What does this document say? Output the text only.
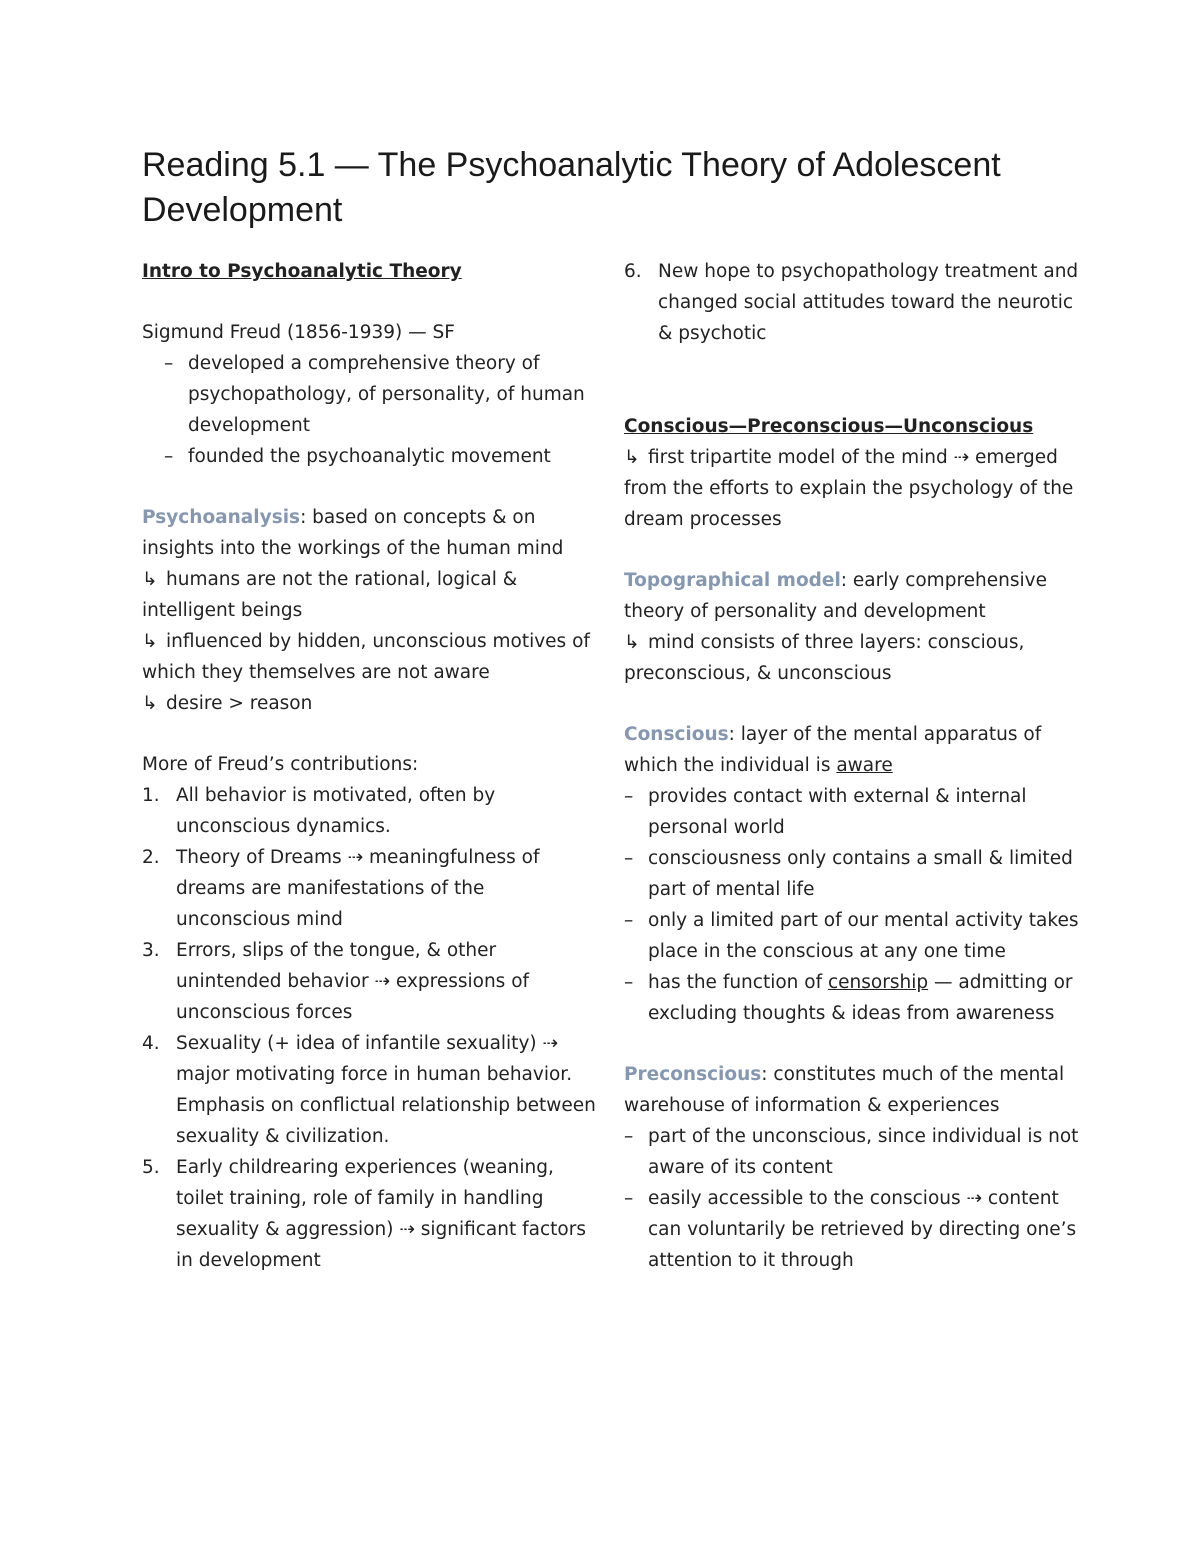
Reading 5.1 — The Psychoanalytic Theory of Adolescent Development

Intro to Psychoanalytic Theory

Sigmund Freud (1856-1939) — SF

– developed a comprehensive theory of psychopathology, of personality, of human development
– founded the psychoanalytic movement

Psychoanalysis: based on concepts & on insights into the workings of the human mind

↳ humans are not the rational, logical & intelligent beings

↳ influenced by hidden, unconscious motives of which they themselves are not aware

↳ desire > reason

More of Freud’s contributions:

1. All behavior is motivated, often by unconscious dynamics.
2. Theory of Dreams ⇢ meaningfulness of dreams are manifestations of the unconscious mind
3. Errors, slips of the tongue, & other unintended behavior ⇢ expressions of unconscious forces
4. Sexuality (+ idea of infantile sexuality) ⇢ major motivating force in human behavior. Emphasis on conflictual relationship between sexuality & civilization.
5. Early childrearing experiences (weaning, toilet training, role of family in handling sexuality & aggression) ⇢ significant factors in development
6. New hope to psychopathology treatment and changed social attitudes toward the neurotic & psychotic

Conscious—Preconscious—Unconscious

↳ first tripartite model of the mind ⇢ emerged from the efforts to explain the psychology of the dream processes

Topographical model: early comprehensive theory of personality and development

↳ mind consists of three layers: conscious, preconscious, & unconscious

Conscious: layer of the mental apparatus of which the individual is aware

– provides contact with external & internal personal world
– consciousness only contains a small & limited part of mental life
– only a limited part of our mental activity takes place in the conscious at any one time
– has the function of censorship — admitting or excluding thoughts & ideas from awareness

Preconscious: constitutes much of the mental warehouse of information & experiences

– part of the unconscious, since individual is not aware of its content
– easily accessible to the conscious ⇢ content can voluntarily be retrieved by directing one’s attention to it through
